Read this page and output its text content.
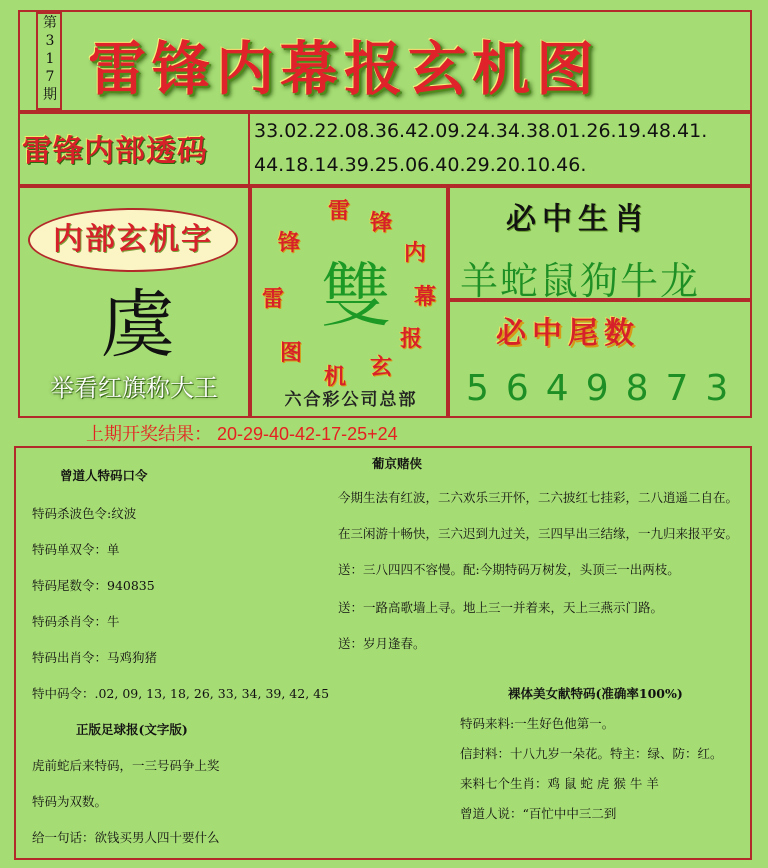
第
3
1
7
期 雷锋内幕报玄机图
雷锋内部透码
33.02.22.08.36.42.09.24.34.38.01.26.19.48.41.
44.18.14.39.25.06.40.29.20.10.46.
内部玄机字
虞
举看红旗称大王
雷 锋
内
幕
报
玄
机
图
雷
锋
雙
六合彩公司总部
必中生肖
羊蛇鼠狗牛龙
必中尾数
5649873
上期开奖结果： 20-29-40-42-17-25+24
曾道人特码口令
特码杀波色令:纹波
特码单双令：单
特码尾数令：940835
特码杀肖令：牛
特码出肖令：马鸡狗猪
特中码令：.02, 09, 13, 18, 26, 33, 34, 39, 42, 45
正版足球报(文字版)
虎前蛇后来特码，一三号码争上奖
特码为双数。
给一句话：欲钱买男人四十要什么
葡京赌侠
今期生法有红波，二六欢乐三开怀，二六披红七挂彩，二八逍遥二自在。
在三闲游十畅快，三六迟到九过关，三四早出三结缘，一九归来报平安。
送：三八四四不容慢。配:今期特码万树发，头顶三一出两枝。
送：一路高歌墙上寻。地上三一并着来，天上三燕示门路。
送：岁月逢春。
裸体美女献特码(准确率100%)
特码来料:一生好色他第一。
信封料：十八九岁一朵花。特主：绿、防：红。
来料七个生肖：鸡 鼠 蛇 虎 猴 牛 羊
曾道人说：“百忙中中三二到
